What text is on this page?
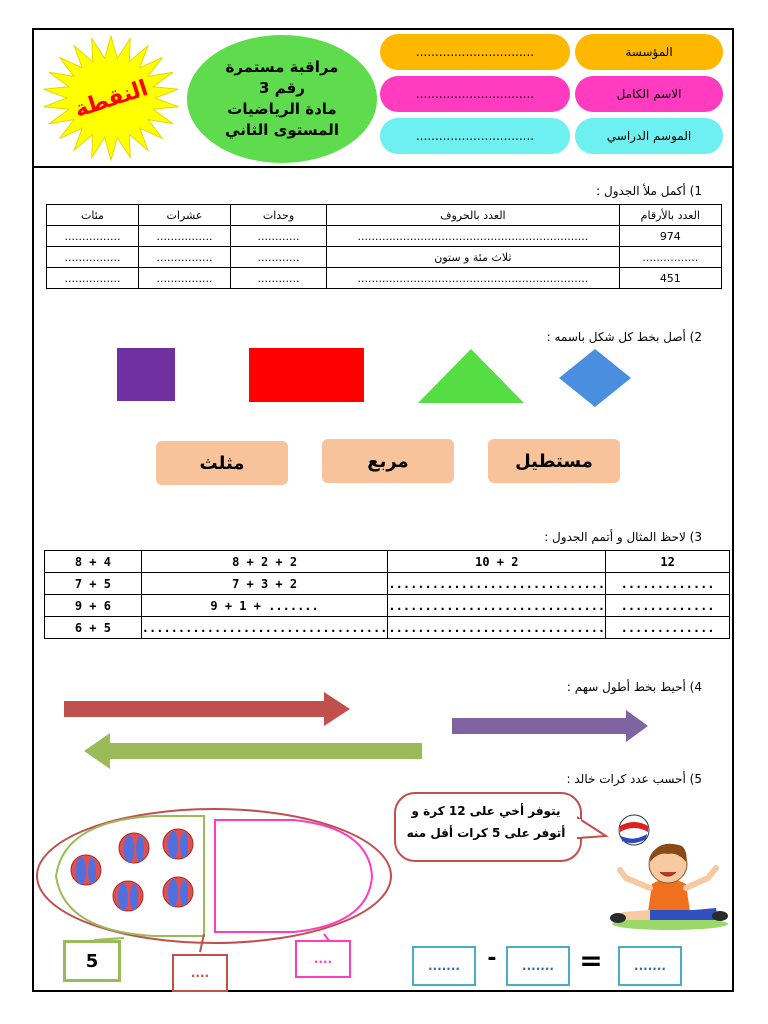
النقطة
مراقبة مستمرة
رقم 3
مادة الرياضيات
المستوى الثاني
المؤسسة
...............................
الاسم الكامل
...............................
الموسم الدراسي
...............................
1) أكمل ملأ الجدول :
مئات	عشرات	وحدات	العدد بالحروف	العدد بالأرقام
................	................	............	..................................................................	974
................	................	............	ثلاث مئة و ستون	................
................	................	............	..................................................................	451
2) أصل بخط كل شكل باسمه :
مثلث	مربع	مستطيل
3) لاحظ المثال و أتمم الجدول :
8 + 4	8 + 2 + 2	10 + 2	12
7 + 5	7 + 3 + 2	..............................	.............
9 + 6	9 + 1 + .......	..............................	.............
6 + 5	..................................	..............................	.............
4) أحيط بخط أطول سهم :
5) أحسب عدد كرات خالد :
يتوفر أخي على 12 كرة و
أتوفر على 5 كرات أقل منه
5
....
....	.......	-	....... =	.......
